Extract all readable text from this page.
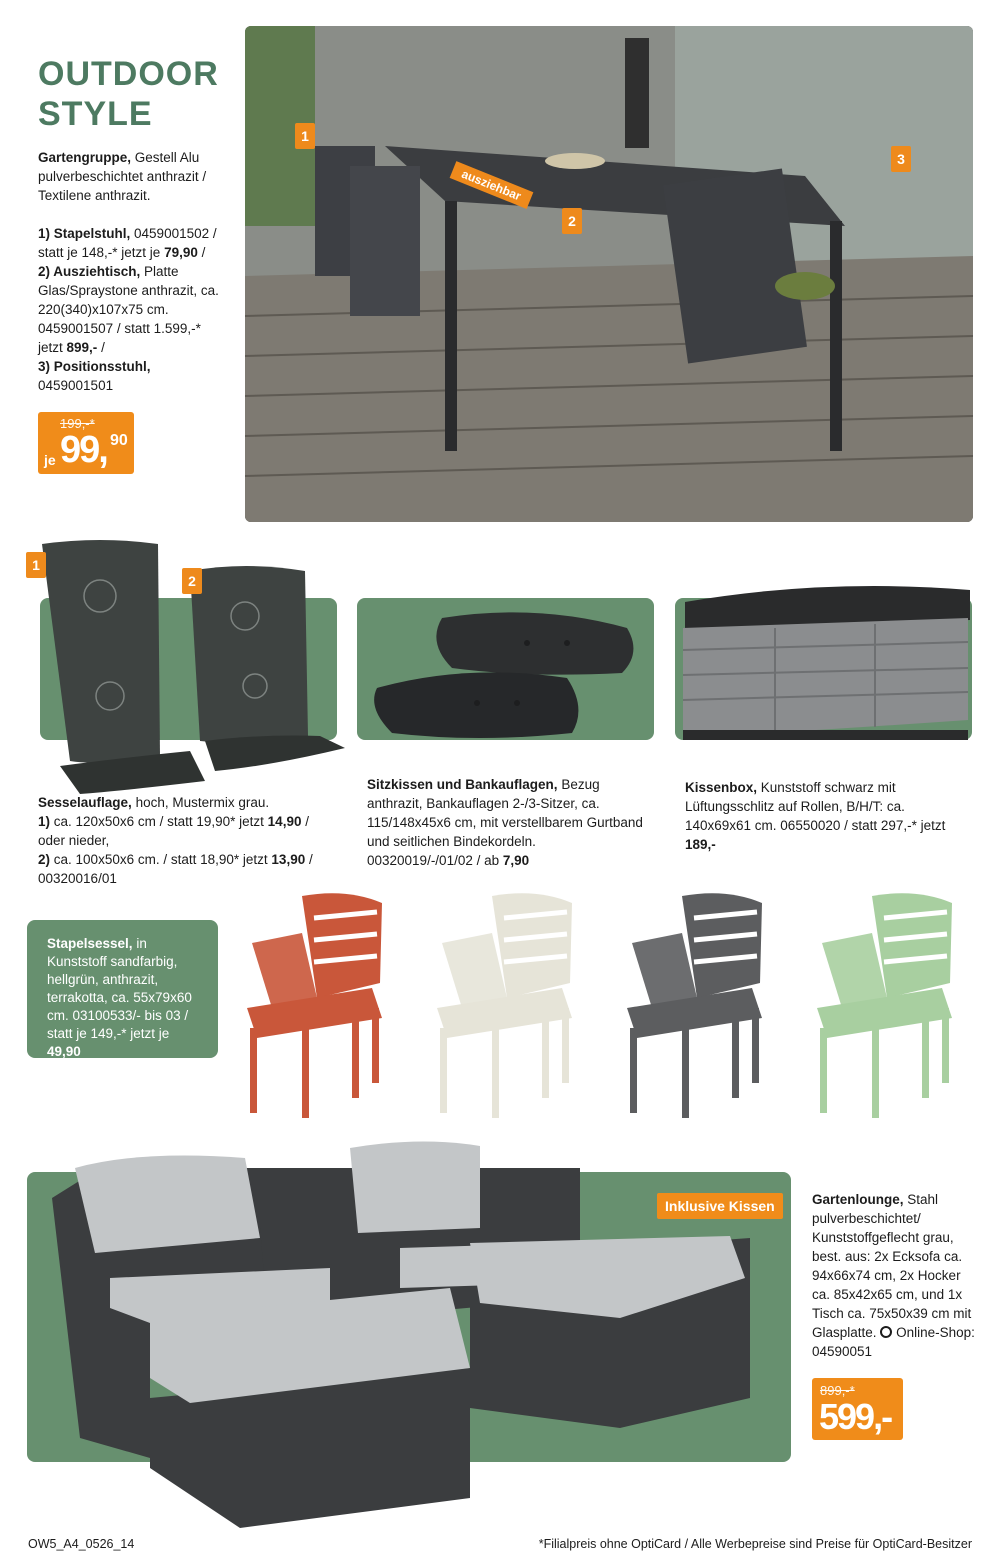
OUTDOOR
STYLE
Gartengruppe, Gestell Alu pulverbeschichtet anthrazit / Textilene anthrazit.
1) Stapelstuhl, 0459001502 / statt je 148,-* jetzt je 79,90 /
2) Ausziehtisch, Platte Glas/Spraystone anthrazit, ca. 220(340)x107x75 cm. 0459001507 / statt 1.599,-* jetzt 899,- /
3) Positionsstuhl, 0459001501
199,-*
je 99, 90
1
2
3
ausziehbar
1
2
Sesselauflage, hoch, Mustermix grau.
1) ca. 120x50x6 cm / statt 19,90* jetzt 14,90 /
oder nieder,
2) ca. 100x50x6 cm. / statt 18,90* jetzt 13,90 /
00320016/01
Sitzkissen und Bankauflagen, Bezug anthrazit, Bankauflagen 2-/3-Sitzer, ca. 115/148x45x6 cm, mit verstellbarem Gurtband und seitlichen Bindekordeln. 00320019/-/01/02 / ab 7,90
Kissenbox, Kunststoff schwarz mit Lüftungsschlitz auf Rollen, B/H/T: ca. 140x69x61 cm. 06550020 / statt 297,-* jetzt 189,-
Stapelsessel, in Kunststoff sandfarbig, hellgrün, anthrazit, terrakotta, ca. 55x79x60 cm. 03100533/- bis 03 / statt je 149,-* jetzt je 49,90
Inklusive Kissen	Gartenlounge, Stahl pulverbeschichtet/ Kunststoffgeflecht grau, best. aus: 2x Ecksofa ca. 94x66x74 cm, 2x Hocker ca. 85x42x65 cm, und 1x Tisch ca. 75x50x39 cm mit Glasplatte. Online-Shop: 04590051
899,-*
599,-
OW5_A4_0526_14	*Filialpreis ohne OptiCard / Alle Werbepreise sind Preise für OptiCard-Besitzer
